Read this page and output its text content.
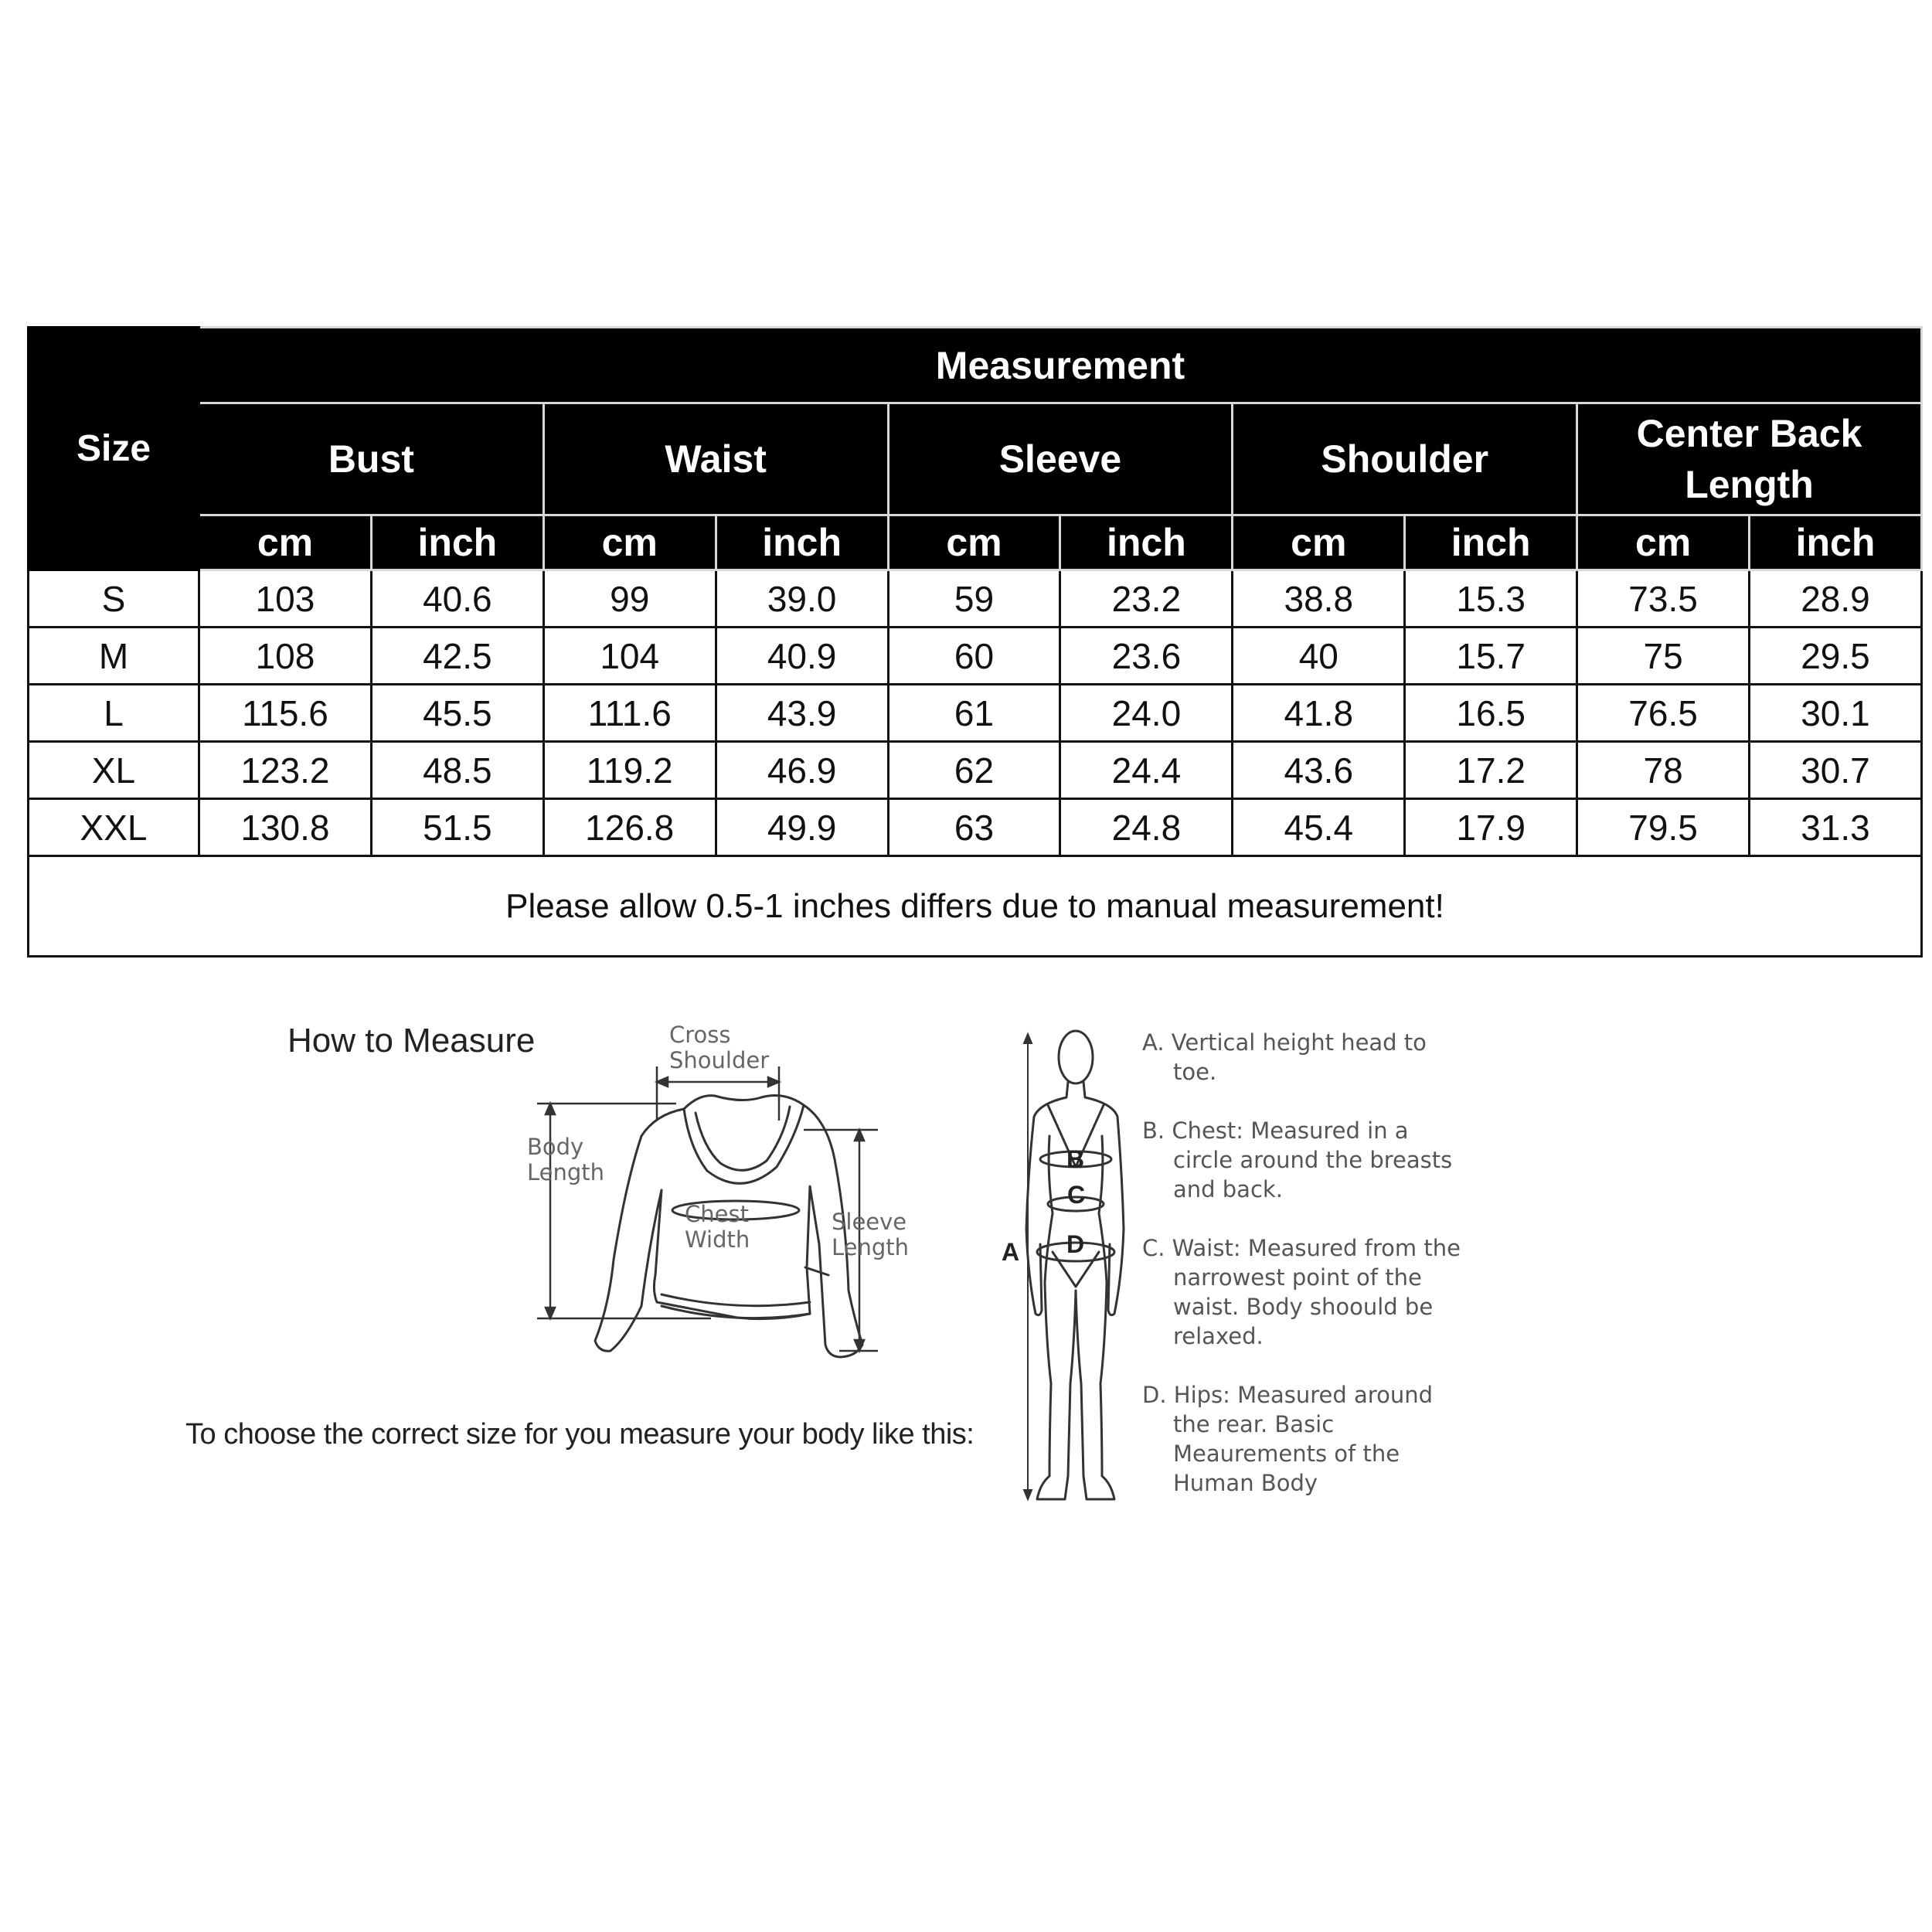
Size	Measurement									
	Bust		Waist		Sleeve		Shoulder		Center Back Length	
	cm	inch	cm	inch	cm	inch	cm	inch	cm	inch
S	103	40.6	99	39.0	59	23.2	38.8	15.3	73.5	28.9
M	108	42.5	104	40.9	60	23.6	40	15.7	75	29.5
L	115.6	45.5	111.6	43.9	61	24.0	41.8	16.5	76.5	30.1
XL	123.2	48.5	119.2	46.9	62	24.4	43.6	17.2	78	30.7
XXL	130.8	51.5	126.8	49.9	63	24.8	45.4	17.9	79.5	31.3
Please allow 0.5-1 inches differs due to manual measurement!										
How to Measure	Cross
Shoulder
Body
Length
Chest
Width
Sleeve
Length
To choose the correct size for you measure your body like this:
A
B
C
D
A. Vertical height head to toe.
B. Chest: Measured in a circle around the breasts and back.
C. Waist: Measured from the narrowest point of the waist. Body shoould be relaxed.
D. Hips: Measured around the rear. Basic Meaurements of the Human Body
